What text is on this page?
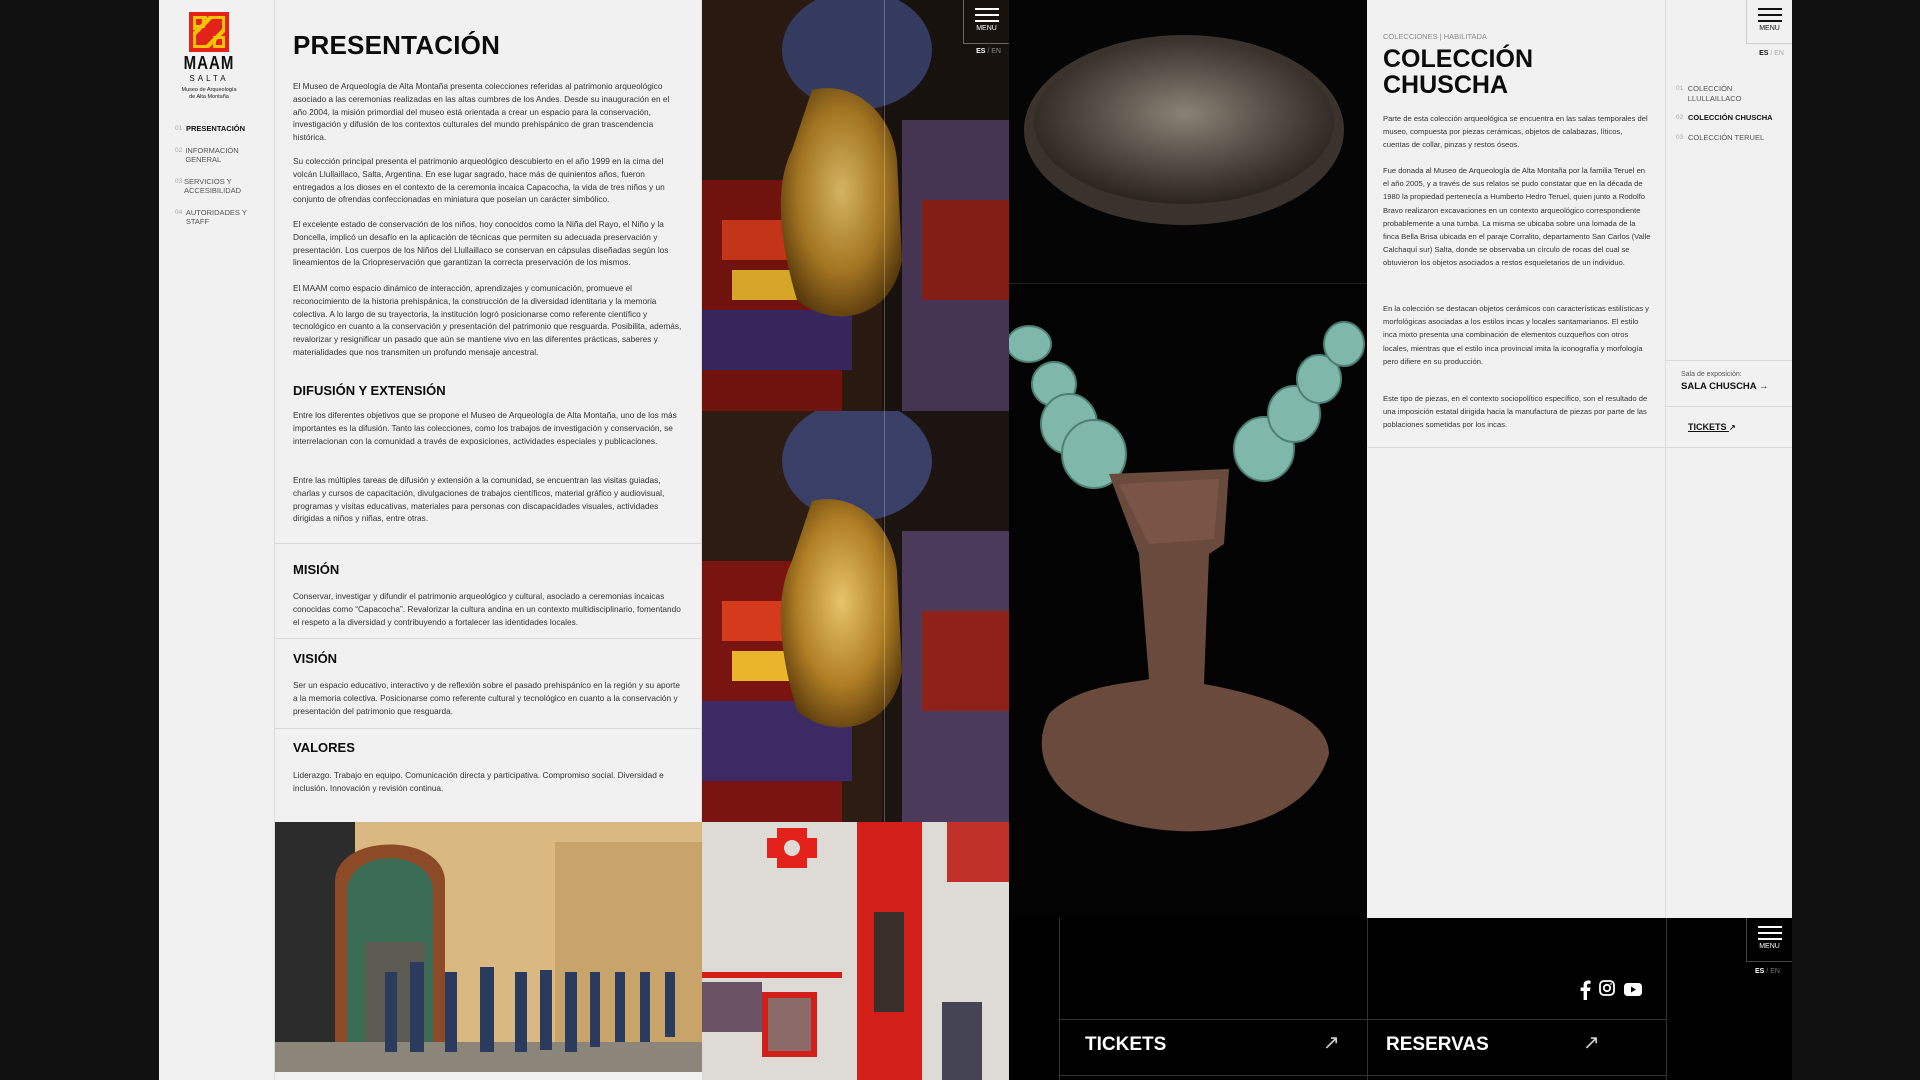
MAAM
SALTA
Museo de Arqueología
de Alta Montaña
01 PRESENTACIÓN
02 INFORMACIÓN GENERAL
03 SERVICIOS Y ACCESIBILIDAD
04 AUTORIDADES Y STAFF
PRESENTACIÓN

El Museo de Arqueología de Alta Montaña presenta colecciones referidas al patrimonio arqueológico asociado a las ceremonias realizadas en las altas cumbres de los Andes. Desde su inauguración en el año 2004, la misión primordial del museo está orientada a crear un espacio para la conservación, investigación y difusión de los contextos culturales del mundo prehispánico de gran trascendencia histórica.

Su colección principal presenta el patrimonio arqueológico descubierto en el año 1999 en la cima del volcán Llullaillaco, Salta, Argentina. En ese lugar sagrado, hace más de quinientos años, fueron entregados a los dioses en el contexto de la ceremonia incaica Capacocha, la vida de tres niños y un conjunto de ofrendas confeccionadas en miniatura que poseían un carácter simbólico.

El excelente estado de conservación de los niños, hoy conocidos como la Niña del Rayo, el Niño y la Doncella, implicó un desafío en la aplicación de técnicas que permiten su adecuada preservación y presentación. Los cuerpos de los Niños del Llullaillaco se conservan en cápsulas diseñadas según los lineamientos de la Criopreservación que garantizan la correcta preservación de los mismos.

El MAAM como espacio dinámico de interacción, aprendizajes y comunicación, promueve el reconocimiento de la historia prehispánica, la construcción de la diversidad identitaria y la memoria colectiva. A lo largo de su trayectoria, la institución logró posicionarse como referente científico y tecnológico en cuanto a la conservación y presentación del patrimonio que resguarda. Posibilita, además, revalorizar y resignificar un pasado que aún se mantiene vivo en las diferentes prácticas, saberes y materialidades que nos transmiten un profundo mensaje ancestral.

DIFUSIÓN Y EXTENSIÓN

Entre los diferentes objetivos que se propone el Museo de Arqueología de Alta Montaña, uno de los más importantes es la difusión. Tanto las colecciones, como los trabajos de investigación y conservación, se interrelacionan con la comunidad a través de exposiciones, actividades especiales y publicaciones.

Entre las múltiples tareas de difusión y extensión a la comunidad, se encuentran las visitas guiadas, charlas y cursos de capacitación, divulgaciones de trabajos científicos, material gráfico y audiovisual, programas y visitas educativas, materiales para personas con discapacidades visuales, actividades dirigidas a niños y niñas, entre otras.

MISIÓN

Conservar, investigar y difundir el patrimonio arqueológico y cultural, asociado a ceremonias incaicas conocidas como “Capacocha”. Revalorizar la cultura andina en un contexto multidisciplinario, fomentando el respeto a la diversidad y contribuyendo a fortalecer las identidades locales.

VISIÓN

Ser un espacio educativo, interactivo y de reflexión sobre el pasado prehispánico en la región y su aporte a la memoria colectiva. Posicionarse como referente cultural y tecnológico en cuanto a la conservación y presentación del patrimonio que resguarda.

VALORES

Liderazgo. Trabajo en equipo. Comunicación directa y participativa. Compromiso social. Diversidad e inclusión. Innovación y revisión continua.

MENU
ES / EN
COLECCIONES | HABILITADA
COLECCIÓN
CHUSCHA

Parte de esta colección arqueológica se encuentra en las salas temporales del museo, compuesta por piezas cerámicas, objetos de calabazas, líticos, cuentas de collar, pinzas y restos óseos.

Fue donada al Museo de Arqueología de Alta Montaña por la familia Teruel en el año 2005, y a través de sus relatos se pudo constatar que en la década de 1980 la propiedad pertenecía a Humberto Hedro Teruel, quien junto a Rodolfo Bravo realizaron excavaciones en un contexto arqueológico correspondiente probablemente a una tumba. La misma se ubicaba sobre una lomada de la finca Bella Brisa ubicada en el paraje Corralito, departamento San Carlos (Valle Calchaquí sur) Salta, donde se observaba un círculo de rocas del cual se obtuvieron los objetos asociados a restos esqueletarios de un individuo.

En la colección se destacan objetos cerámicos con características estilísticas y morfológicas asociadas a los estilos incas y locales santamarianos. El estilo inca mixto presenta una combinación de elementos cuzqueños con otros locales, mientras que el estilo inca provincial imita la iconografía y morfología pero difiere en su producción.

Este tipo de piezas, en el contexto sociopolítico específico, son el resultado de una imposición estatal dirigida hacia la manufactura de piezas por parte de las poblaciones sometidas por los incas.

MENU
ES / EN
01 COLECCIÓN LLULLAILLACO
02 COLECCIÓN CHUSCHA
03 COLECCIÓN TERUEL
Sala de exposición:
SALA CHUSCHA →
TICKETS ↗
TICKETS	↗ RESERVAS	↗
MENU
ES / EN
